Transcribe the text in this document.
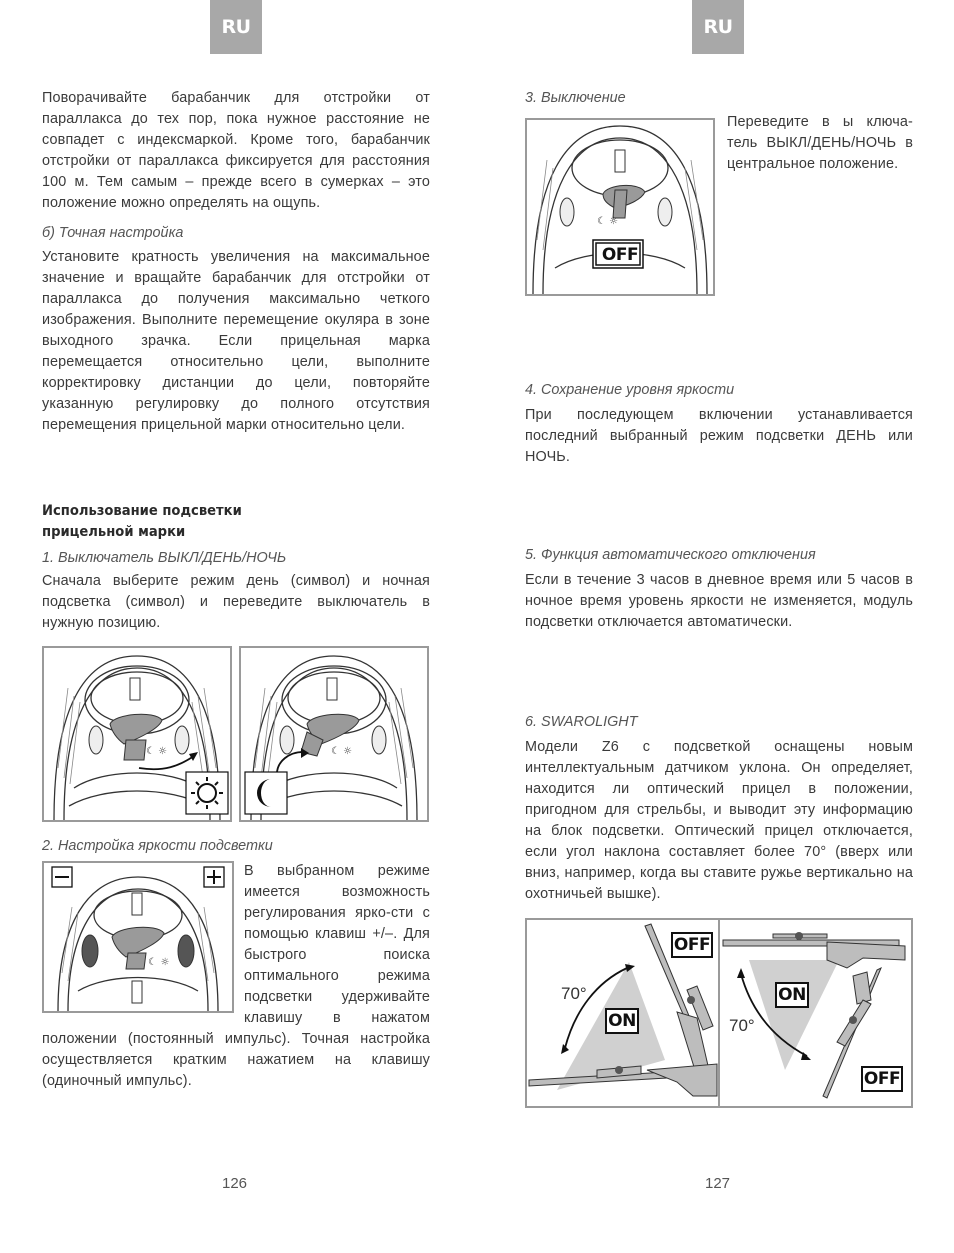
RU

Поворачивайте барабанчик для отстройки от параллакса до тех пор, пока нужное расстояние не совпадет с индексмаркой. Кроме того, барабанчик отстройки от параллакса фиксируется для расстояния 100 м. Тем самым – прежде всего в сумерках – это положение можно определять на ощупь.

б) Точная настройка

Установите кратность увеличения на максимальное значение и вращайте барабанчик для отстройки от параллакса до получения максимально четкого изображения. Выполните перемещение окуляра в зоне выходного зрачка. Если прицельная марка перемещается относительно цели, выполните корректировку дистанции до цели, повторяйте указанную регулировку до полного отсутствия перемещения прицельной марки относительно цели.

Использование подсветки
прицельной марки

1. Выключатель ВЫКЛ/ДЕНЬ/НОЧЬ

Сначала выберите режим день (символ) и ночная подсветка (символ) и переведите выключатель в нужную позицию.

☾ ☼	☾ ☼

2. Настройка яркости подсветки

☾ ☼
В выбранном режиме имеется возможность регулирования ярко-сти с помощью клавиш +/–. Для быстрого поиска оптимального режима подсветки удерживайте клавишу в нажатом положении (постоянный импульс). Точная настройка осуществляется кратким нажатием на клавишу (одиночный импульс).
126
RU

3. Выключение

☾ ☼
OFF

Переведите в ы ключа-тель ВЫКЛ/ДЕНЬ/НОЧЬ в центральное положение.

4. Сохранение уровня яркости

При последующем включении устанавливается последний выбранный режим подсветки ДЕНЬ или НОЧЬ.

5. Функция автоматического отключения

Если в течение 3 часов в дневное время или 5 часов в ночное время уровень яркости не изменяется, модуль подсветки отключается автоматически.

6. SWAROLIGHT

Модели Z6 с подсветкой оснащены новым интеллектуальным датчиком уклона. Он определяет, находится ли оптический прицел в положении, пригодном для стрельбы, и выводит эту информацию на блок подсветки. Оптический прицел отключается, если угол наклона составляет более 70° (вверх или вниз, например, когда вы ставите ружье вертикально на охотничьей вышке).

70°
70°
ON
OFF
ON
OFF
127
